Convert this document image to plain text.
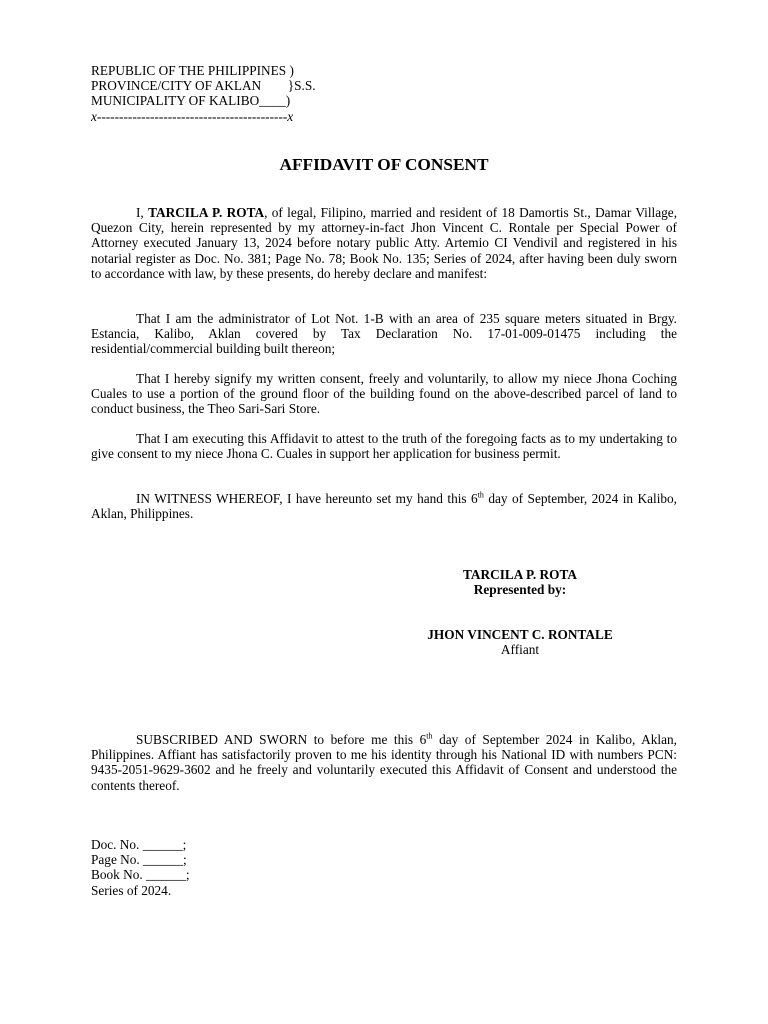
REPUBLIC OF THE PHILIPPINES )
PROVINCE/CITY OF AKLAN        }S.S.
MUNICIPALITY OF KALIBO____)
x-------------------------------------------x
AFFIDAVIT OF CONSENT

I, TARCILA P. ROTA, of legal, Filipino, married and resident of 18 Damortis St., Damar Village, Quezon City, herein represented by my attorney-in-fact Jhon Vincent C. Rontale per Special Power of Attorney executed January 13, 2024 before notary public Atty. Artemio CI Vendivil and registered in his notarial register as Doc. No. 381; Page No. 78; Book No. 135; Series of 2024, after having been duly sworn to accordance with law, by these presents, do hereby declare and manifest:

That I am the administrator of Lot Not. 1-B with an area of 235 square meters situated in Brgy. Estancia, Kalibo, Aklan covered by Tax Declaration No. 17-01-009-01475 including the residential/commercial building built thereon;

That I hereby signify my written consent, freely and voluntarily, to allow my niece Jhona Coching Cuales to use a portion of the ground floor of the building found on the above-described parcel of land to conduct business, the Theo Sari-Sari Store.

That I am executing this Affidavit to attest to the truth of the foregoing facts as to my undertaking to give consent to my niece Jhona C. Cuales in support her application for business permit.

IN WITNESS WHEREOF, I have hereunto set my hand this 6th day of September, 2024 in Kalibo, Aklan, Philippines.

TARCILA P. ROTA
Represented by:
JHON VINCENT C. RONTALE
Affiant

SUBSCRIBED AND SWORN to before me this 6th day of September 2024 in Kalibo, Aklan, Philippines. Affiant has satisfactorily proven to me his identity through his National ID with numbers PCN: 9435-2051-9629-3602 and he freely and voluntarily executed this Affidavit of Consent and understood the contents thereof.

Doc. No. ______;
Page No. ______;
Book No. ______;
Series of 2024.
